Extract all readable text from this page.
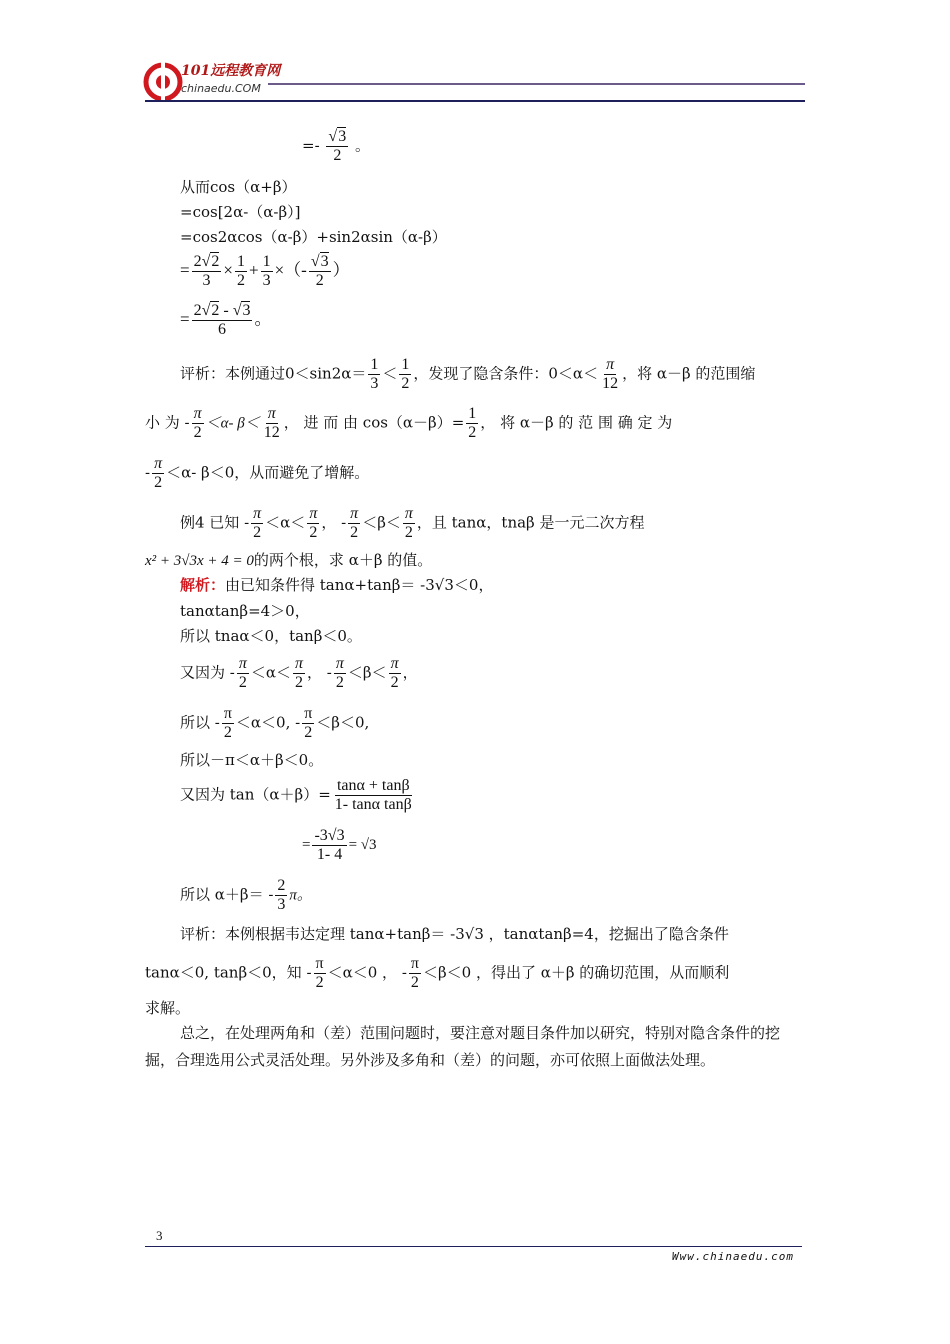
101远程教育网
chinaedu.COM
=- √ $\frac{3}{2}$ 。
从而cos（α+β）
=cos[2α-（α-β）]
=cos2αcos（α-β）+sin2αsin（α-β）
= $\frac{2 √ 2}{3} \times \frac{1}{2} + \frac{1}{3}$ ×（- √ $\frac{3}{2}$ ）
= $\frac{2 √ 2 - √ 3}{6}$ 。
评析：本例通过$0<\sin 2\alpha= \frac{1}{3} < \frac{1}{2}$ ，发现了隐含条件：$0<\alpha< \frac{\pi}{12}$ ，将 α－β 的范围缩
小 为 - $\frac{\pi}{2} <\alpha-$ $\beta< \frac{\pi}{12}$ ， 进 而 由 $\cos(\alpha-\beta)= \frac{1}{2}$ ， 将 α－β 的 范 围 确 定 为
- $\frac{\pi}{2} <\alpha-$ β＜0，从而避免了增解。
例4 已知 - $\frac{\pi}{2} <\alpha< \frac{\pi}{2}$ ， - $\frac{\pi}{2} <\beta< \frac{\pi}{2}$ ，且 tanα，tnaβ 是一元二次方程
x² + 3√3x + 4 = 0的两个根，求 α＋β 的值。
解析：由已知条件得 tanα+tanβ＝ -3√3＜0，
tanαtanβ=4＞0，
所以 tnaα＜0，tanβ＜0。
又因为 - $\frac{\pi}{2} <\alpha< \frac{\pi}{2}$ ， - $\frac{\pi}{2} <\beta< \frac{\pi}{2}$ ，
所以 - $\frac{\pi}{2} <\alpha<0$, - $\frac{\pi}{2} <\beta<0$,
所以－π＜α＋β＜0。
又因为 $\tan(\alpha+\beta)= \frac{\tan\alpha + \tan\beta}{\text{1- tanα tanβ}}$
= $\frac{-3√3}{1- 4} = √3$
所以 $\alpha+\beta= - \frac{2}{3}$ π。
评析：本例根据韦达定理 tanα+tanβ＝ -3√3 ，tanαtanβ=4，挖掘出了隐含条件
tanα＜0, tanβ＜0，知 - $\frac{\pi}{2} <\alpha<0$ ， - $\frac{\pi}{2} <\beta<0$ ，得出了 α＋β 的确切范围，从而顺利
求解。
总之，在处理两角和（差）范围问题时，要注意对题目条件加以研究，特别对隐含条件的挖掘，合理选用公式灵活处理。另外涉及多角和（差）的问题，亦可依照上面做法处理。
3
Www.chinaedu.com
